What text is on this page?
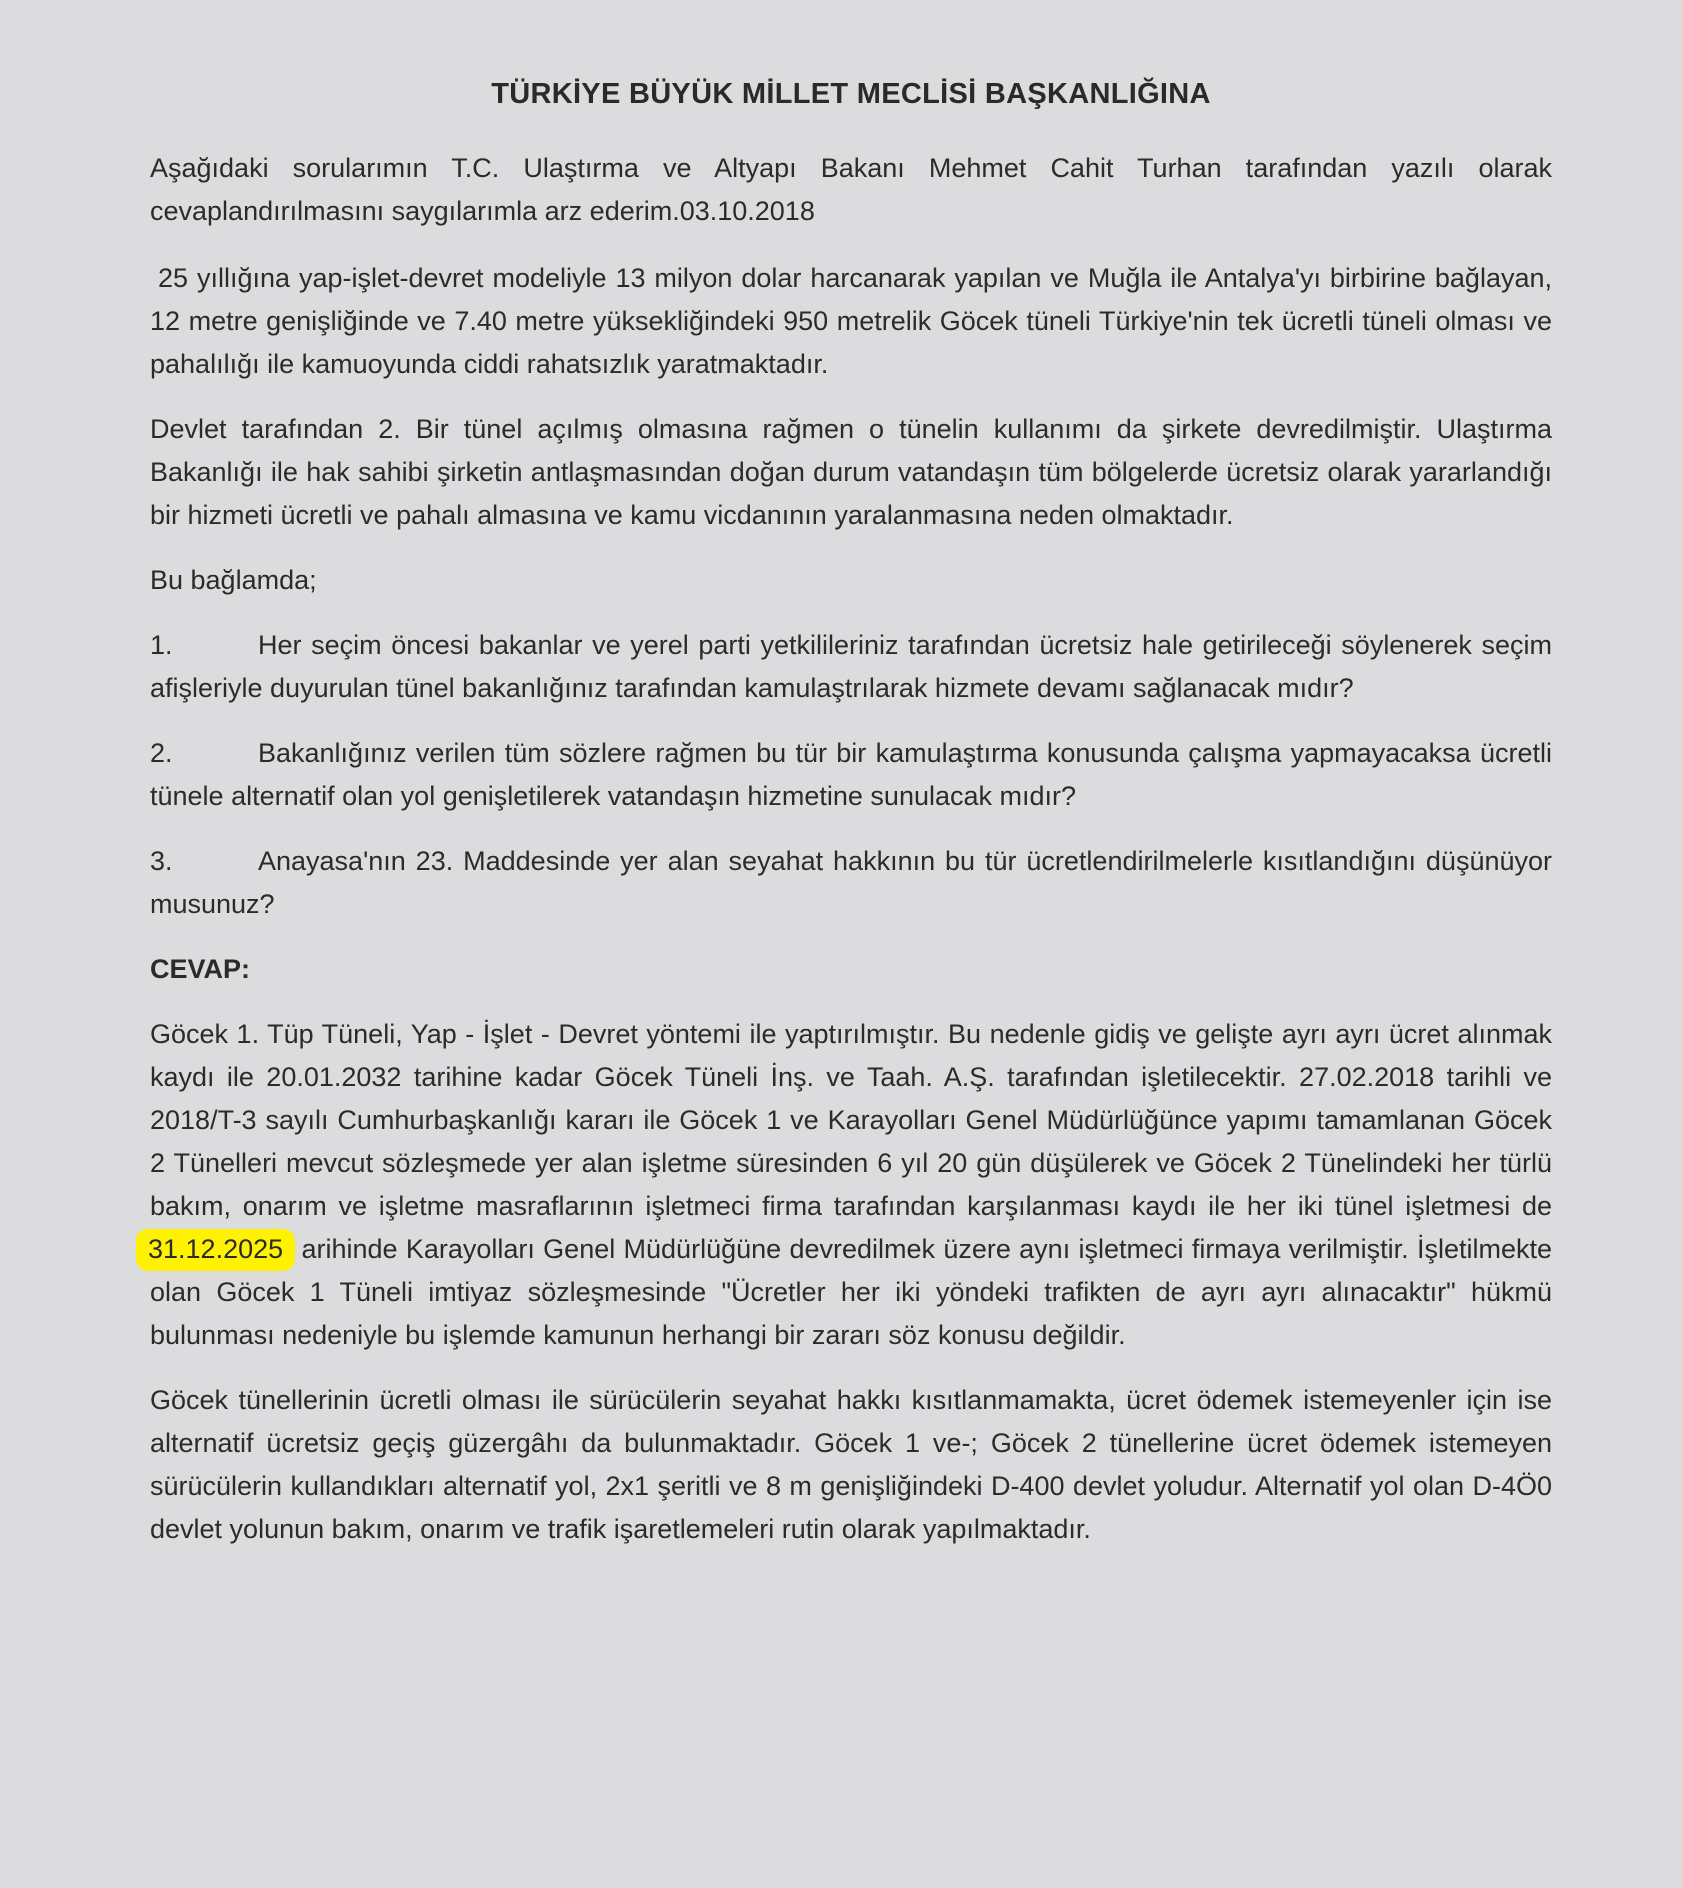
TÜRKİYE BÜYÜK MİLLET MECLİSİ BAŞKANLIĞINA

Aşağıdaki sorularımın T.C. Ulaştırma ve Altyapı Bakanı Mehmet Cahit Turhan tarafından yazılı olarak cevaplandırılmasını saygılarımla arz ederim.03.10.2018

25 yıllığına yap-işlet-devret modeliyle 13 milyon dolar harcanarak yapılan ve Muğla ile Antalya'yı birbirine bağlayan, 12 metre genişliğinde ve 7.40 metre yüksekliğindeki 950 metrelik Göcek tüneli Türkiye'nin tek ücretli tüneli olması ve pahalılığı ile kamuoyunda ciddi rahatsızlık yaratmaktadır.

Devlet tarafından 2. Bir tünel açılmış olmasına rağmen o tünelin kullanımı da şirkete devredilmiştir. Ulaştırma Bakanlığı ile hak sahibi şirketin antlaşmasından doğan durum vatandaşın tüm bölgelerde ücretsiz olarak yararlandığı bir hizmeti ücretli ve pahalı almasına ve kamu vicdanının yaralanmasına neden olmaktadır.

Bu bağlamda;

1.	Her seçim öncesi bakanlar ve yerel parti yetkilileriniz tarafından ücretsiz hale getirileceği söylenerek seçim afişleriyle duyurulan tünel bakanlığınız tarafından kamulaştrılarak hizmete devamı sağlanacak mıdır?

2.	Bakanlığınız verilen tüm sözlere rağmen bu tür bir kamulaştırma konusunda çalışma yapmayacaksa ücretli tünele alternatif olan yol genişletilerek vatandaşın hizmetine sunulacak mıdır?

3.	Anayasa'nın 23. Maddesinde yer alan seyahat hakkının bu tür ücretlendirilmelerle kısıtlandığını düşünüyor musunuz?

CEVAP:

Göcek 1. Tüp Tüneli, Yap - İşlet - Devret yöntemi ile yaptırılmıştır. Bu nedenle gidiş ve gelişte ayrı ayrı ücret alınmak kaydı ile 20.01.2032 tarihine kadar Göcek Tüneli İnş. ve Taah. A.Ş. tarafından işletilecektir. 27.02.2018 tarihli ve 2018/T-3 sayılı Cumhurbaşkanlığı kararı ile Göcek 1 ve Karayolları Genel Müdürlüğünce yapımı tamamlanan Göcek 2 Tünelleri mevcut sözleşmede yer alan işletme süresinden 6 yıl 20 gün düşülerek ve Göcek 2 Tünelindeki her türlü bakım, onarım ve işletme masraflarının işletmeci firma tarafından karşılanması kaydı ile her iki tünel işletmesi de 31.12.2025 arihinde Karayolları Genel Müdürlüğüne devredilmek üzere aynı işletmeci firmaya verilmiştir. İşletilmekte olan Göcek 1 Tüneli imtiyaz sözleşmesinde "Ücretler her iki yöndeki trafikten de ayrı ayrı alınacaktır" hükmü bulunması nedeniyle bu işlemde kamunun herhangi bir zararı söz konusu değildir.

Göcek tünellerinin ücretli olması ile sürücülerin seyahat hakkı kısıtlanmamakta, ücret ödemek istemeyenler için ise alternatif ücretsiz geçiş güzergâhı da bulunmaktadır. Göcek 1 ve-; Göcek 2 tünellerine ücret ödemek istemeyen sürücülerin kullandıkları alternatif yol, 2x1 şeritli ve 8 m genişliğindeki D-400 devlet yoludur. Alternatif yol olan D-4Ö0 devlet yolunun bakım, onarım ve trafik işaretlemeleri rutin olarak yapılmaktadır.
